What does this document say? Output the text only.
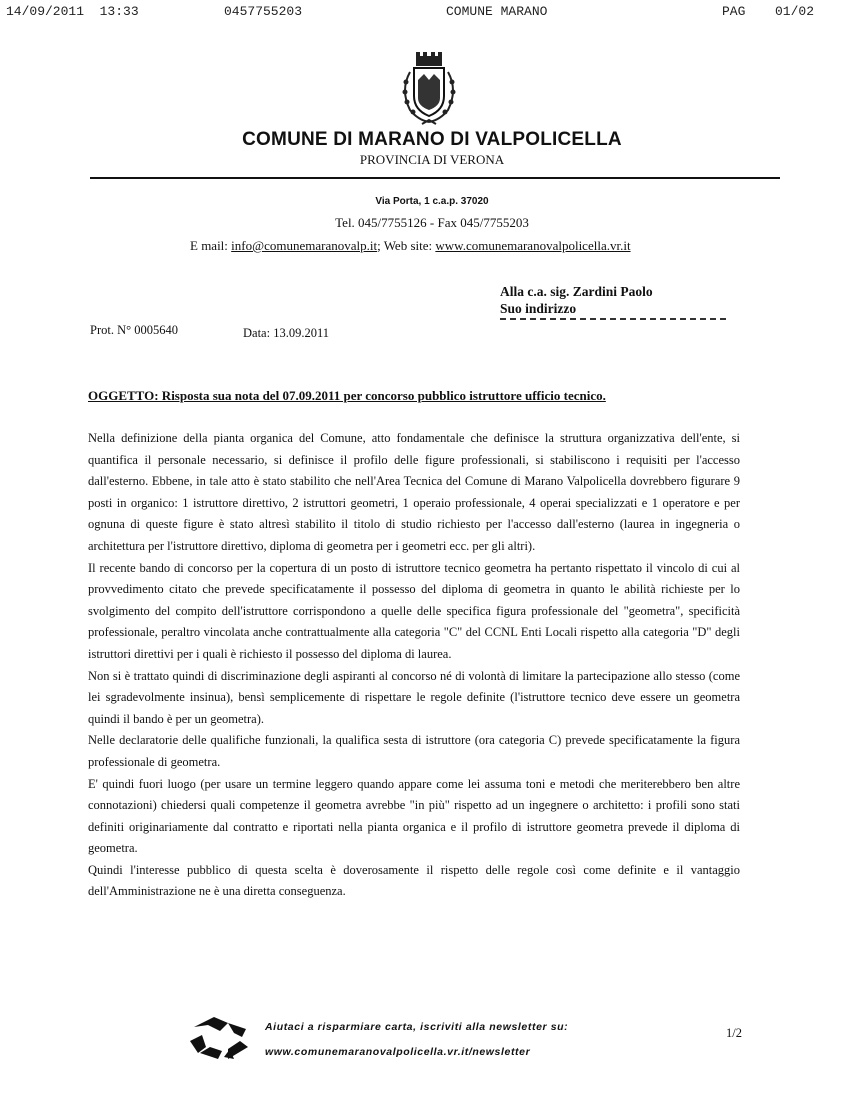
14/09/2011  13:33	0457755203	COMUNE MARANO	PAG 01/02
COMUNE DI MARANO DI VALPOLICELLA
PROVINCIA DI VERONA
Via Porta, 1 c.a.p. 37020
Tel. 045/7755126 - Fax 045/7755203
E mail: info@comunemaranovalp.it; Web site: www.comunemaranovalpolicella.vr.it
Alla c.a. sig. Zardini Paolo
Suo indirizzo
Prot. N° 0005640	Data: 13.09.2011
OGGETTO: Risposta sua nota del 07.09.2011 per concorso pubblico istruttore ufficio tecnico.

Nella definizione della pianta organica del Comune, atto fondamentale che definisce la struttura organizzativa dell'ente, si quantifica il personale necessario, si definisce il profilo delle figure professionali, si stabiliscono i requisiti per l'accesso dall'esterno. Ebbene, in tale atto è stato stabilito che nell'Area Tecnica del Comune di Marano Valpolicella dovrebbero figurare 9 posti in organico: 1 istruttore direttivo, 2 istruttori geometri, 1 operaio professionale, 4 operai specializzati e 1 operatore e per ognuna di queste figure è stato altresì stabilito il titolo di studio richiesto per l'accesso dall'esterno (laurea in ingegneria o architettura per l'istruttore direttivo, diploma di geometra per i geometri ecc. per gli altri).

Il recente bando di concorso per la copertura di un posto di istruttore tecnico geometra ha pertanto rispettato il vincolo di cui al provvedimento citato che prevede specificatamente il possesso del diploma di geometra in quanto le abilità richieste per lo svolgimento del compito dell'istruttore corrispondono a quelle delle specifica figura professionale del "geometra", specificità professionale, peraltro vincolata anche contrattualmente alla categoria "C" del CCNL Enti Locali rispetto alla categoria "D" degli istruttori direttivi per i quali è richiesto il possesso del diploma di laurea.

Non si è trattato quindi di discriminazione degli aspiranti al concorso né di volontà di limitare la partecipazione allo stesso (come lei sgradevolmente insinua), bensì semplicemente di rispettare le regole definite (l'istruttore tecnico deve essere un geometra quindi il bando è per un geometra).

Nelle declaratorie delle qualifiche funzionali, la qualifica sesta di istruttore (ora categoria C) prevede specificatamente la figura professionale di geometra.

E' quindi fuori luogo (per usare un termine leggero quando appare come lei assuma toni e metodi che meriterebbero ben altre connotazioni) chiedersi quali competenze il geometra avrebbe "in più" rispetto ad un ingegnere o architetto: i profili sono stati definiti originariamente dal contratto e riportati nella pianta organica e il profilo di istruttore geometra prevede il diploma di geometra.

Quindi l'interesse pubblico di questa scelta è doverosamente il rispetto delle regole così come definite e il vantaggio dell'Amministrazione ne è una diretta conseguenza.

Aiutaci a risparmiare carta, iscriviti alla newsletter su:
www.comunemaranovalpolicella.vr.it/newsletter
1/2
